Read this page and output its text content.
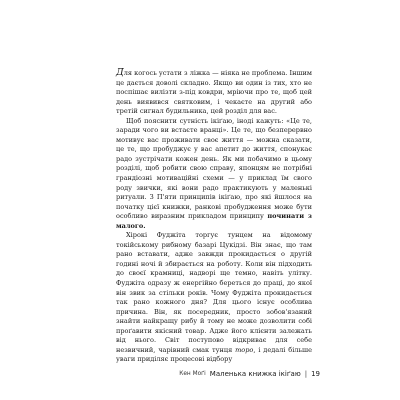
Для когось устати з ліжка — ніяка не проблема. Іншим це дається доволі складно. Якщо ви один із тих, хто не поспішає вилізти з-під ковдри, мріючи про те, щоб цей день виявився святковим, і чекаєте на другий або третій сигнал будильника, цей розділ для вас.

Щоб пояснити сутність ікіґаю, іноді кажуть: «Це те, заради чого ви встаєте вранці». Це те, що безперервно мотивує вас проживати своє життя — можна сказати, це те, що пробуджує у вас апетит до життя, спонукає радо зустрічати кожен день. Як ми побачимо в цьому розділі, щоб робити свою справу, японцям не потрібні грандіозні мотиваційні схеми — у приклад їм свого роду звички, які вони радо практикують у маленькі ритуали. З П'яти принципів ікіґаю, про які йшлося на початку цієї книжки, ранкові пробудження може бути особливо виразним прикладом принципу починати з малого.

Хірокі Фуджіта торгує тунцем на відомому токійському рибному базарі Цукідзі. Він знає, що там рано вставати, адже завжди прокидається о другій годині ночі й збирається на роботу. Коли він підходить до своєї крамниці, надворі ще темно, навіть улітку. Фуджіта одразу ж енергійно береться до праці, до якої він звик за стільки років. Чому Фуджіта прокидається так рано кожного дня? Для цього існує особлива причина. Він, як посередник, просто зобов'язаний знайти найкращу рибу й тому не може дозволити собі проґавити якісний товар. Адже його клієнти залежать від нього. Світ поступово відкриває для себе незвичний, чарівний смак тунця торо, і дедалі більше уваги приділяє процесові відбору

Кен Моґі Маленька книжка ікіґаю | 19
